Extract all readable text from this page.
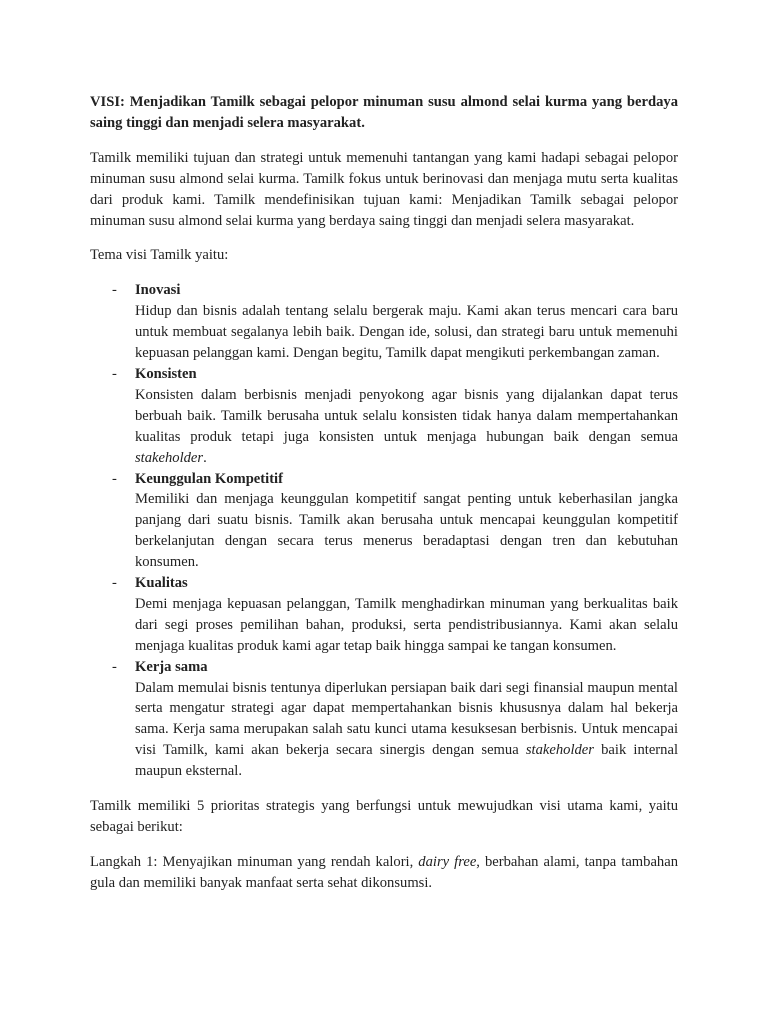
VISI: Menjadikan Tamilk sebagai pelopor minuman susu almond selai kurma yang berdaya saing tinggi dan menjadi selera masyarakat.

Tamilk memiliki tujuan dan strategi untuk memenuhi tantangan yang kami hadapi sebagai pelopor minuman susu almond selai kurma. Tamilk fokus untuk berinovasi dan menjaga mutu serta kualitas dari produk kami. Tamilk mendefinisikan tujuan kami: Menjadikan Tamilk sebagai pelopor minuman susu almond selai kurma yang berdaya saing tinggi dan menjadi selera masyarakat.

Tema visi Tamilk yaitu:

- Inovasi
Hidup dan bisnis adalah tentang selalu bergerak maju. Kami akan terus mencari cara baru untuk membuat segalanya lebih baik. Dengan ide, solusi, dan strategi baru untuk memenuhi kepuasan pelanggan kami. Dengan begitu, Tamilk dapat mengikuti perkembangan zaman.
- Konsisten
Konsisten dalam berbisnis menjadi penyokong agar bisnis yang dijalankan dapat terus berbuah baik. Tamilk berusaha untuk selalu konsisten tidak hanya dalam mempertahankan kualitas produk tetapi juga konsisten untuk menjaga hubungan baik dengan semua stakeholder.
- Keunggulan Kompetitif
Memiliki dan menjaga keunggulan kompetitif sangat penting untuk keberhasilan jangka panjang dari suatu bisnis. Tamilk akan berusaha untuk mencapai keunggulan kompetitif berkelanjutan dengan secara terus menerus beradaptasi dengan tren dan kebutuhan konsumen.
- Kualitas
Demi menjaga kepuasan pelanggan, Tamilk menghadirkan minuman yang berkualitas baik dari segi proses pemilihan bahan, produksi, serta pendistribusiannya. Kami akan selalu menjaga kualitas produk kami agar tetap baik hingga sampai ke tangan konsumen.
- Kerja sama
Dalam memulai bisnis tentunya diperlukan persiapan baik dari segi finansial maupun mental serta mengatur strategi agar dapat mempertahankan bisnis khususnya dalam hal bekerja sama. Kerja sama merupakan salah satu kunci utama kesuksesan berbisnis. Untuk mencapai visi Tamilk, kami akan bekerja secara sinergis dengan semua stakeholder baik internal maupun eksternal.

Tamilk memiliki 5 prioritas strategis yang berfungsi untuk mewujudkan visi utama kami, yaitu sebagai berikut:

Langkah 1: Menyajikan minuman yang rendah kalori, dairy free, berbahan alami, tanpa tambahan gula dan memiliki banyak manfaat serta sehat dikonsumsi.
